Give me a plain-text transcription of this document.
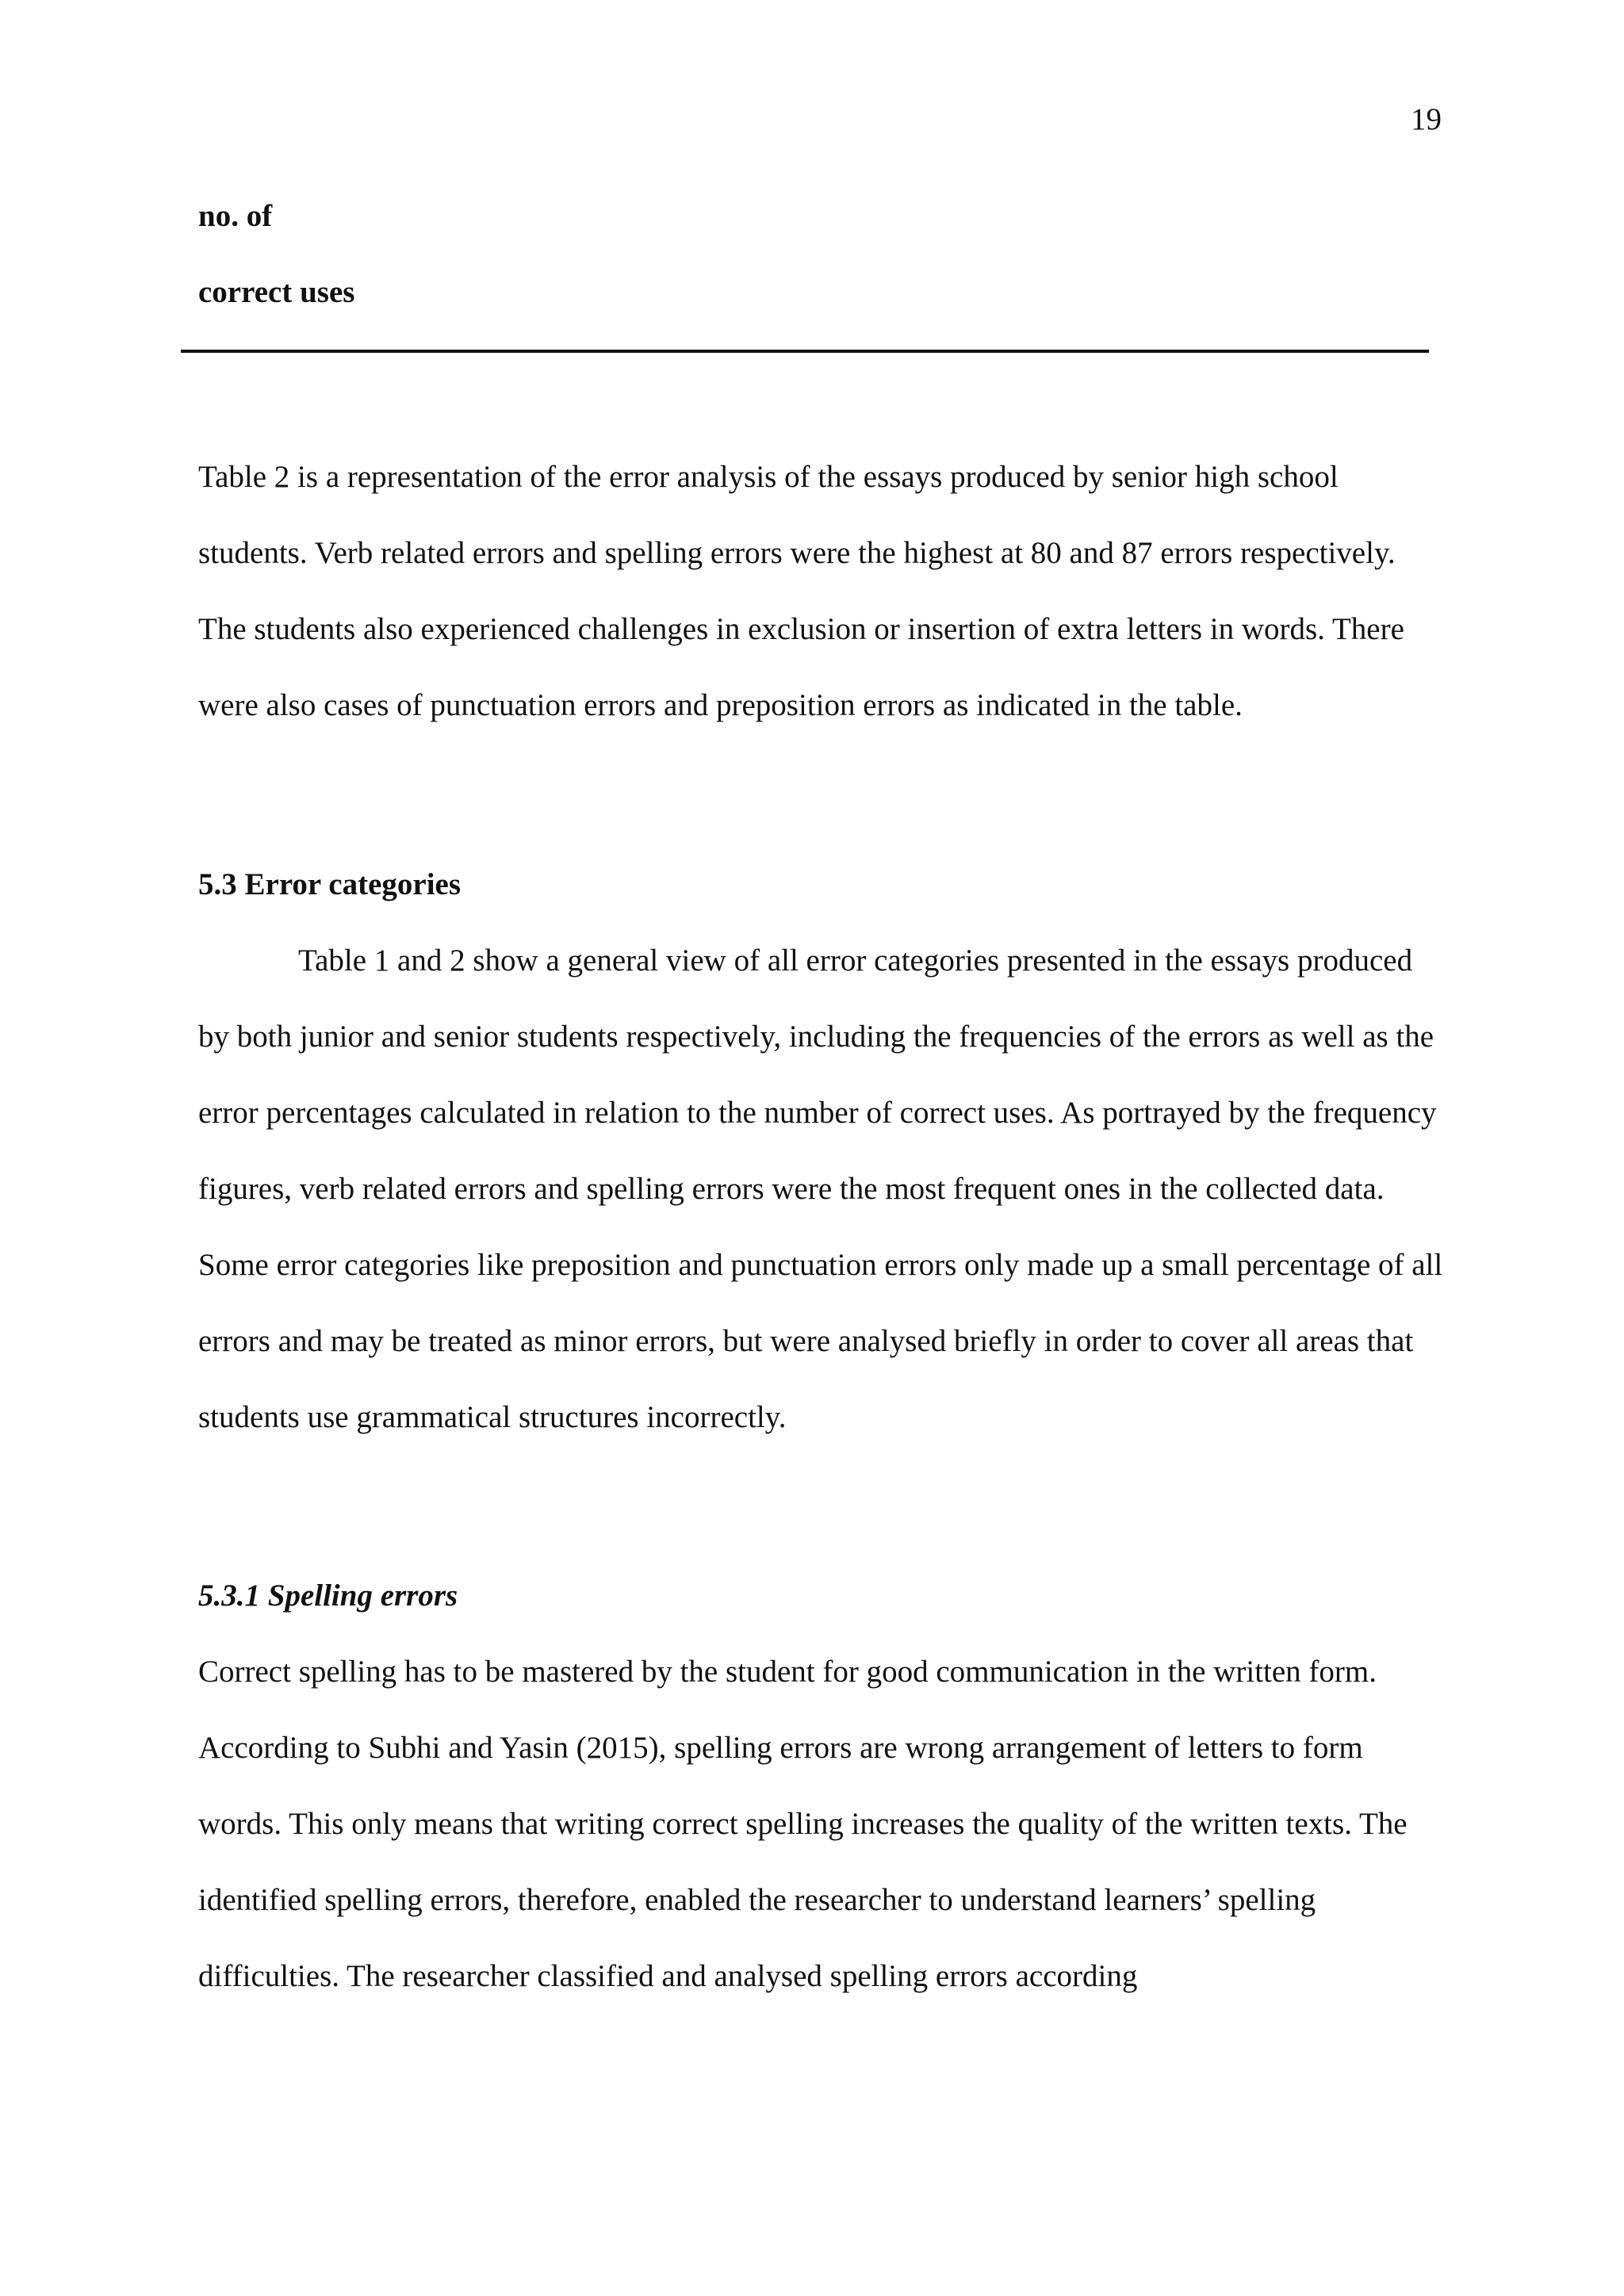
19

no. of

correct uses

Table 2 is a representation of the error analysis of the essays produced by senior high school students. Verb related errors and spelling errors were the highest at 80 and 87 errors respectively. The students also experienced challenges in exclusion or insertion of extra letters in words. There were also cases of punctuation errors and preposition errors as indicated in the table.

5.3 Error categories

Table 1 and 2 show a general view of all error categories presented in the essays produced by both junior and senior students respectively, including the frequencies of the errors as well as the error percentages calculated in relation to the number of correct uses. As portrayed by the frequency figures, verb related errors and spelling errors were the most frequent ones in the collected data. Some error categories like preposition and punctuation errors only made up a small percentage of all errors and may be treated as minor errors, but were analysed briefly in order to cover all areas that students use grammatical structures incorrectly.

5.3.1 Spelling errors

Correct spelling has to be mastered by the student for good communication in the written form. According to Subhi and Yasin (2015), spelling errors are wrong arrangement of letters to form words. This only means that writing correct spelling increases the quality of the written texts. The identified spelling errors, therefore, enabled the researcher to understand learners’ spelling difficulties. The researcher classified and analysed spelling errors according
